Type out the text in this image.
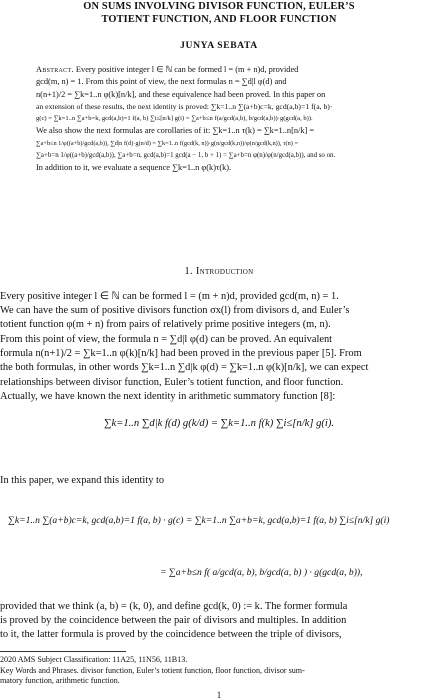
ON SUMS INVOLVING DIVISOR FUNCTION, EULER’S
TOTIENT FUNCTION, AND FLOOR FUNCTION
JUNYA SEBATA
Abstract. Every positive integer l ∈ ℕ can be formed l = (m + n)d, provided
gcd(m, n) = 1. From this point of view, the next formulas n = ∑d|l φ(d) and
n(n+1)/2 = ∑k=1..n φ(k)[n/k], and these equivalence had been proved. In this paper on
an extension of these results, the next identity is proved: ∑k=1..n ∑(a+b)c=k, gcd(a,b)=1 f(a, b)·
g(c) = ∑k=1..n ∑a+b=k, gcd(a,b)=1 f(a, b) ∑i≤[n/k] g(i) = ∑a+b≤n f(a/gcd(a,b), b/gcd(a,b))·g(gcd(a, b)).
We also show the next formulas are corollaries of it: ∑k=1..n τ(k) = ∑k=1..n[n/k] =
∑a+b≤n 1/φ((a+b)/gcd(a,b)), ∑d|n f(d)·g(n/d) = ∑k=1..n f(gcd(k, n))·g(n/gcd(k,n))/φ(n/gcd(k,n)), τ(n) =
∑a+b=n 1/φ((a+b)/gcd(a,b)), ∑a+b=n, gcd(a,b)=1 gcd(a − 1, b + 1) = ∑a+b=n φ(n)/φ(n/gcd(a,b)), and so on.
In addition to it, we evaluate a sequence ∑k=1..n φ(k)τ(k).
1. Introduction
Every positive integer l ∈ ℕ can be formed l = (m + n)d, provided gcd(m, n) = 1.
We can have the sum of positive divisors function σx(l) from divisors d, and Euler’s
totient function φ(m + n) from pairs of relatively prime positive integers (m, n).
From this point of view, the formula n = ∑d|l φ(d) can be proved. An equivalent
formula n(n+1)/2 = ∑k=1..n φ(k)[n/k] had been proved in the previous paper [5]. From
the both formulas, in other words ∑k=1..n ∑d|k φ(d) = ∑k=1..n φ(k)[n/k], we can expect
relationships between divisor function, Euler’s totient function, and floor function.
Actually, we have known the next identity in arithmetic summatory function [8]:
∑k=1..n ∑d|k f(d) g(k/d) = ∑k=1..n f(k) ∑i≤[n/k] g(i).
In this paper, we expand this identity to
∑k=1..n ∑(a+b)c=k, gcd(a,b)=1 f(a, b) · g(c) = ∑k=1..n ∑a+b=k, gcd(a,b)=1 f(a, b) ∑i≤[n/k] g(i)
= ∑a+b≤n f( a/gcd(a, b), b/gcd(a, b) ) · g(gcd(a, b)),
provided that we think (a, b) = (k, 0), and define gcd(k, 0) := k. The former formula
is proved by the coincidence between the pair of divisors and multiples. In addition
to it, the latter formula is proved by the coincidence between the triple of divisors,
2020 AMS Subject Classification: 11A25, 11N56, 11B13.
Key Words and Phrases. divisor function, Euler’s totient function, floor function, divisor sum-
matory function, arithmetic function.
1
